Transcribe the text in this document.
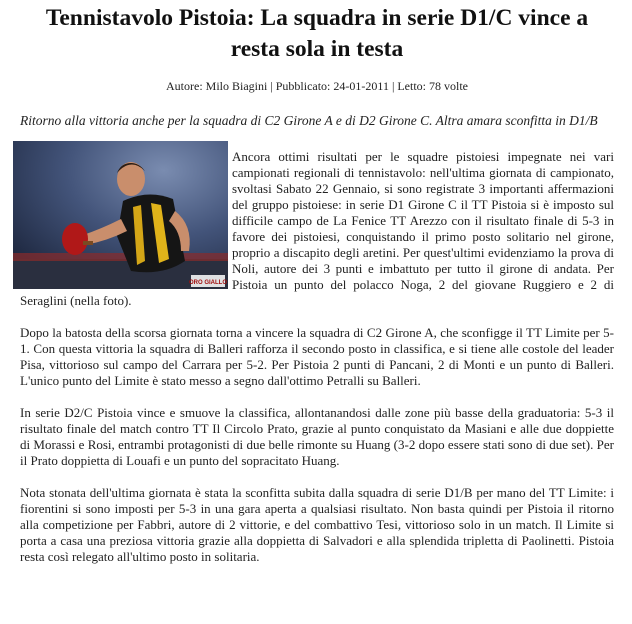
Tennistavolo Pistoia: La squadra in serie D1/C vince a resta sola in testa
Autore: Milo Biagini | Pubblicato: 24-01-2011 | Letto: 78 volte
Ritorno alla vittoria anche per la squadra di C2 Girone A e di D2 Girone C. Altra amara sconfitta in D1/B
ORO GIALLO

Ancora ottimi risultati per le squadre pistoiesi impegnate nei vari campionati regionali di tennistavolo: nell'ultima giornata di campionato, svoltasi Sabato 22 Gennaio, si sono registrate 3 importanti affermazioni del gruppo pistoiese: in serie D1 Girone C il TT Pistoia si è imposto sul difficile campo de La Fenice TT Arezzo con il risultato finale di 5-3 in favore dei pistoiesi, conquistando il primo posto solitario nel girone, proprio a discapito degli aretini. Per quest'ultimi evidenziamo la prova di Noli, autore dei 3 punti e imbattuto per tutto il girone di andata. Per Pistoia un punto del polacco Noga, 2 del giovane Ruggiero e 2 di Seraglini (nella foto).

Dopo la batosta della scorsa giornata torna a vincere la squadra di C2 Girone A, che sconfigge il TT Limite per 5-1. Con questa vittoria la squadra di Balleri rafforza il secondo posto in classifica, e si tiene alle costole del leader Pisa, vittorioso sul campo del Carrara per 5-2. Per Pistoia 2 punti di Pancani, 2 di Monti e un punto di Balleri. L'unico punto del Limite è stato messo a segno dall'ottimo Petralli su Balleri.

In serie D2/C Pistoia vince e smuove la classifica, allontanandosi dalle zone più basse della graduatoria: 5-3 il risultato finale del match contro TT Il Circolo Prato, grazie al punto conquistato da Masiani e alle due doppiette di Morassi e Rosi, entrambi protagonisti di due belle rimonte su Huang (3-2 dopo essere stati sono di due set). Per il Prato doppietta di Louafi e un punto del sopracitato Huang.

Nota stonata dell'ultima giornata è stata la sconfitta subita dalla squadra di serie D1/B per mano del TT Limite: i fiorentini si sono imposti per 5-3 in una gara aperta a qualsiasi risultato. Non basta quindi per Pistoia il ritorno alla competizione per Fabbri, autore di 2 vittorie, e del combattivo Tesi, vittorioso solo in un match. Il Limite si porta a casa una preziosa vittoria grazie alla doppietta di Salvadori e alla splendida tripletta di Paolinetti. Pistoia resta così relegato all'ultimo posto in solitaria.
